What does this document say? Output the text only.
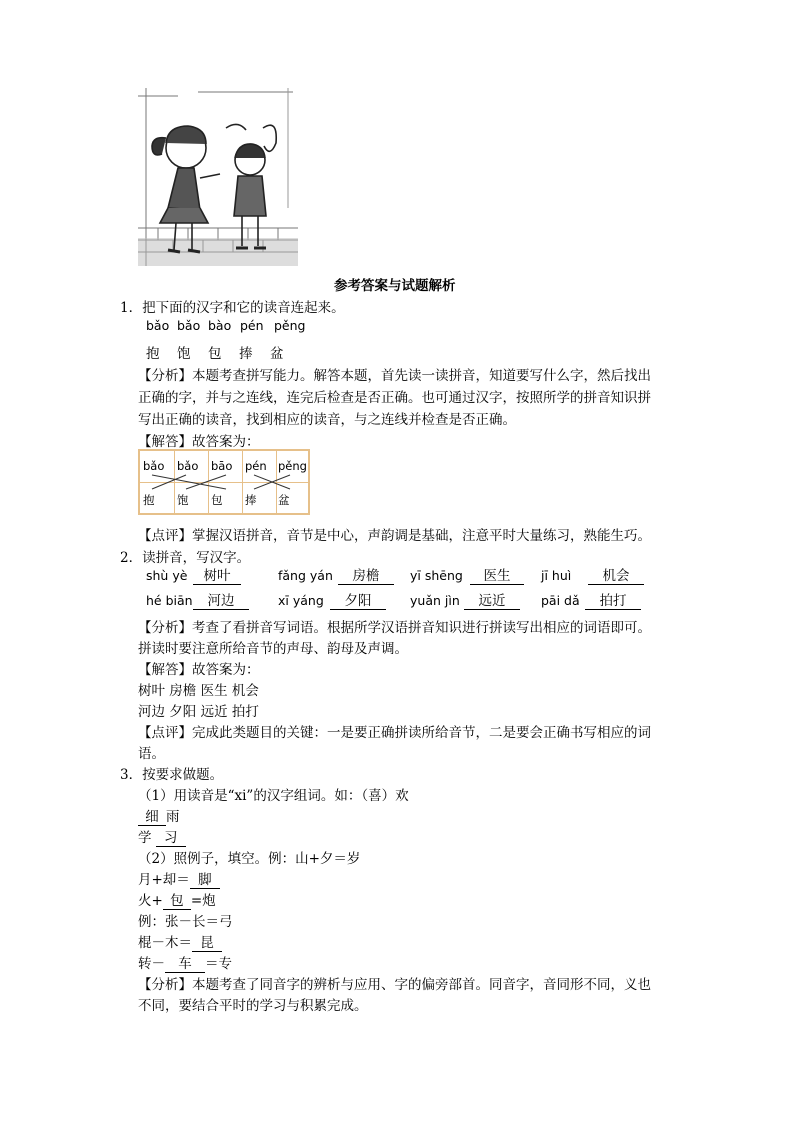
参考答案与试题解析
1．把下面的汉字和它的读音连起来。
bǎo bǎo bào pén pěng
抱 饱 包 捧 盆
【分析】本题考查拼写能力。解答本题，首先读一读拼音，知道要写什么字，然后找出
正确的字，并与之连线，连完后检查是否正确。也可通过汉字，按照所学的拼音知识拼
写出正确的读音，找到相应的读音，与之连线并检查是否正确。
【解答】故答案为：
bǎo bǎo bāo pén pěng
抱 饱 包 捧 盆
【点评】掌握汉语拼音，音节是中心，声韵调是基础，注意平时大量练习，熟能生巧。
2．读拼音，写汉字。
shù yè	树叶	fǎng yán	房檐	yī shēng	医生	jī huì	机会
hé biān	河边	xī yáng	夕阳	yuǎn jìn	远近	pāi dǎ	拍打
【分析】考查了看拼音写词语。根据所学汉语拼音知识进行拼读写出相应的词语即可。
拼读时要注意所给音节的声母、韵母及声调。
【解答】故答案为：
树叶 房檐 医生 机会
河边 夕阳 远近 拍打
【点评】完成此类题目的关键：一是要正确拼读所给音节，二是要会正确书写相应的词
语。
3．按要求做题。
（1）用读音是“xi”的汉字组词。如：（喜）欢
细 雨
学 习
（2）照例子，填空。例：山+夕＝岁
月+却＝ 脚
火+ 包 =炮
例：张－长＝弓
棍－木＝ 昆
转－ 车 ＝专
【分析】本题考查了同音字的辨析与应用、字的偏旁部首。同音字，音同形不同，义也
不同，要结合平时的学习与积累完成。
